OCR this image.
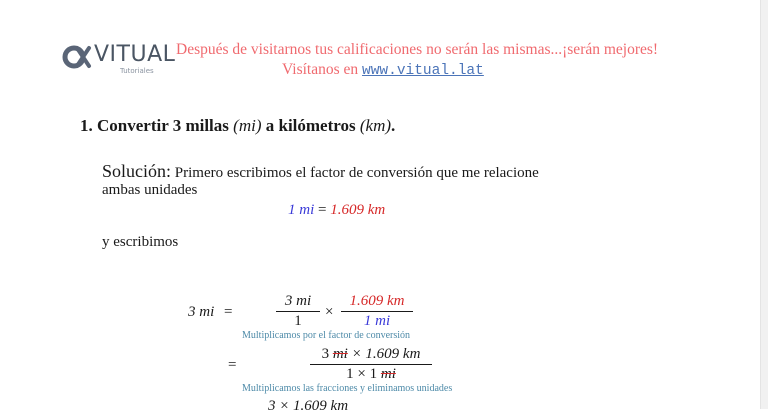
VITUAL
Tutoriales
Después de visitarnos tus calificaciones no serán las mismas...¡serán mejores!
Visítanos en www.vitual.lat
1. Convertir 3 millas (mi) a kilómetros (km).
Solución: Primero escribimos el factor de conversión que me relacione
ambas unidades
1 mi = 1.609 km
y escribimos
3 mi =
3 mi
1
×
1.609 km
1 mi
Multiplicamos por el factor de conversión
=
3 mi × 1.609 km
1 × 1 mi
Multiplicamos las fracciones y eliminamos unidades
3 × 1.609 km
